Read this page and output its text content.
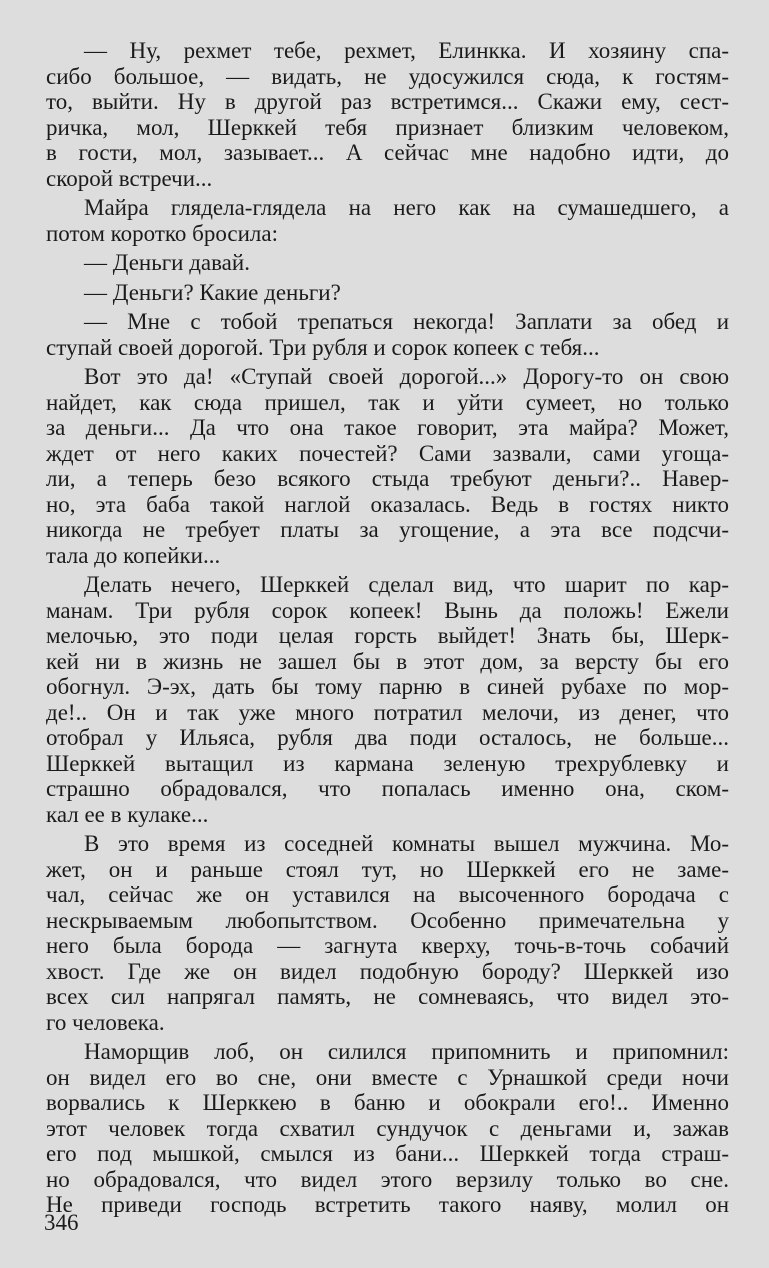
— Ну, рехмет тебе, рехмет, Елинкка. И хозяину спа-
сибо большое, — видать, не удосужился сюда, к гостям-
то, выйти. Ну в другой раз встретимся... Скажи ему, сест-
ричка, мол, Шерккей тебя признает близким человеком,
в гости, мол, зазывает... А сейчас мне надобно идти, до
скорой встречи...
Майра глядела-глядела на него как на сумашедшего, а
потом коротко бросила:
— Деньги давай.
— Деньги? Какие деньги?
— Мне с тобой трепаться некогда! Заплати за обед и
ступай своей дорогой. Три рубля и сорок копеек с тебя...
Вот это да! «Ступай своей дорогой...» Дорогу-то он свою
найдет, как сюда пришел, так и уйти сумеет, но только
за деньги... Да что она такое говорит, эта майра? Может,
ждет от него каких почестей? Сами зазвали, сами угоща-
ли, а теперь безо всякого стыда требуют деньги?.. Навер-
но, эта баба такой наглой оказалась. Ведь в гостях никто
никогда не требует платы за угощение, а эта все подсчи-
тала до копейки...
Делать нечего, Шерккей сделал вид, что шарит по кар-
манам. Три рубля сорок копеек! Вынь да положь! Ежели
мелочью, это поди целая горсть выйдет! Знать бы, Шерк-
кей ни в жизнь не зашел бы в этот дом, за версту бы его
обогнул. Э-эх, дать бы тому парню в синей рубахе по мор-
де!.. Он и так уже много потратил мелочи, из денег, что
отобрал у Ильяса, рубля два поди осталось, не больше...
Шерккей вытащил из кармана зеленую трехрублевку и
страшно обрадовался, что попалась именно она, ском-
кал ее в кулаке...
В это время из соседней комнаты вышел мужчина. Мо-
жет, он и раньше стоял тут, но Шерккей его не заме-
чал, сейчас же он уставился на высоченного бородача с
нескрываемым любопытством. Особенно примечательна у
него была борода — загнута кверху, точь-в-точь собачий
хвост. Где же он видел подобную бороду? Шерккей изо
всех сил напрягал память, не сомневаясь, что видел это-
го человека.
Наморщив лоб, он силился припомнить и припомнил:
он видел его во сне, они вместе с Урнашкой среди ночи
ворвались к Шерккею в баню и обокрали его!.. Именно
этот человек тогда схватил сундучок с деньгами и, зажав
его под мышкой, смылся из бани... Шерккей тогда страш-
но обрадовался, что видел этого верзилу только во сне.
Не приведи господь встретить такого наяву, молил он
346
